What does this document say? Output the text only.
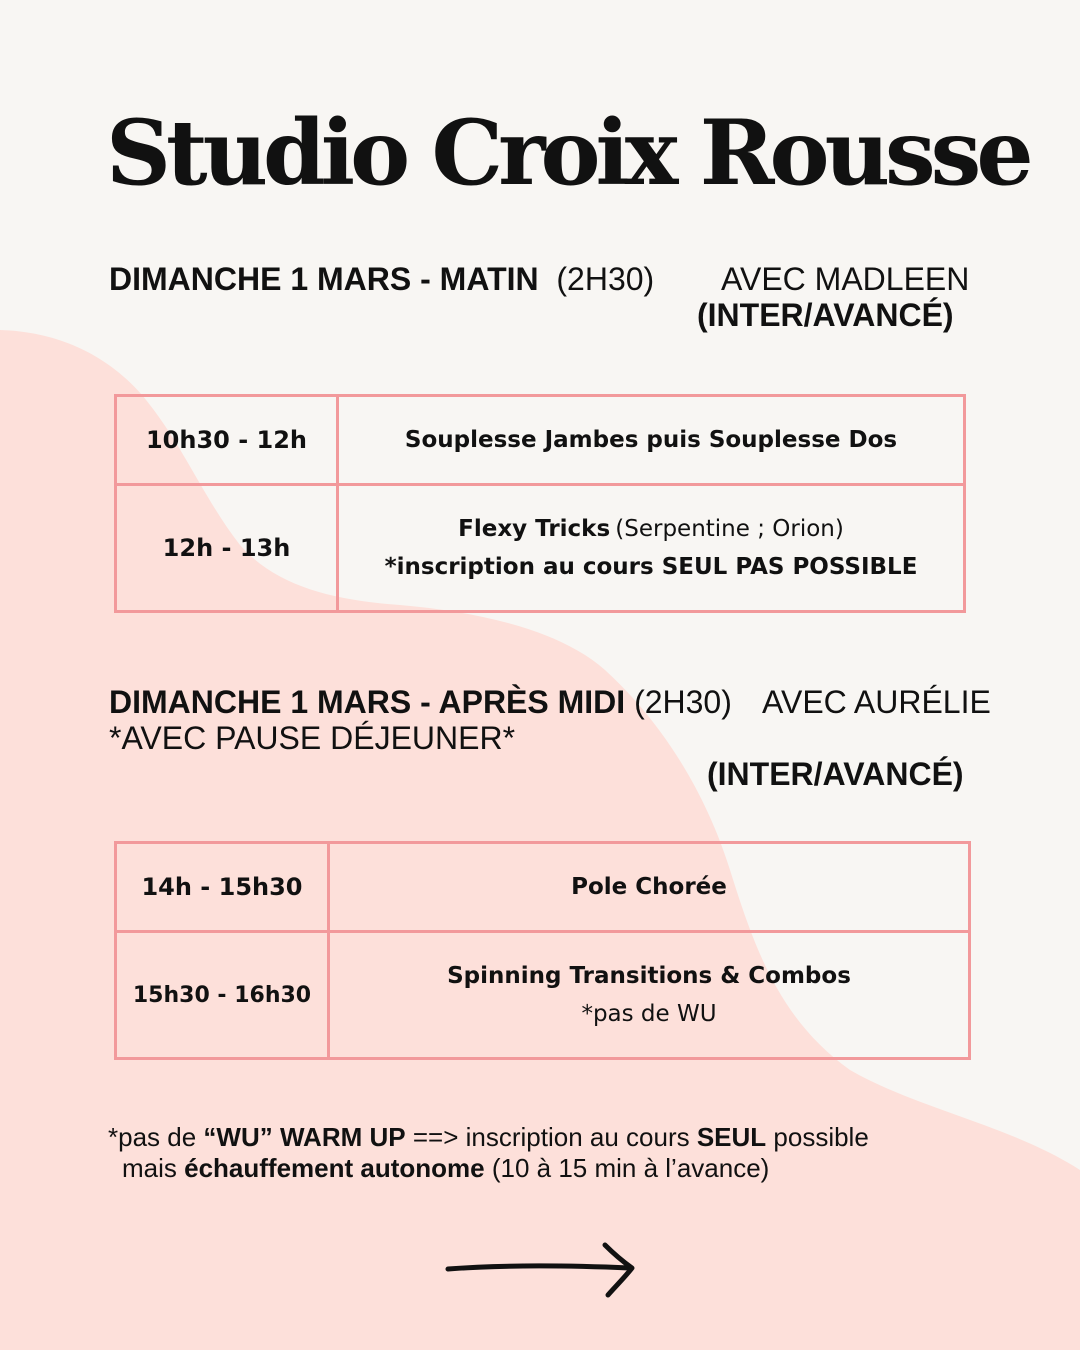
Studio Croix Rousse
DIMANCHE 1 MARS - MATIN (2H30) AVEC MADLEEN
(INTER/AVANCÉ)
10h30 - 12h	Souplesse Jambes puis Souplesse Dos
12h - 13h	Flexy Tricks (Serpentine ; Orion)
*inscription au cours SEUL PAS POSSIBLE
DIMANCHE 1 MARS - APRÈS MIDI (2H30) AVEC AURÉLIE
*AVEC PAUSE DÉJEUNER*
(INTER/AVANCÉ)
14h - 15h30	Pole Chorée
15h30 - 16h30	Spinning Transitions & Combos
*pas de WU
*pas de “WU” WARM UP ==> inscription au cours SEUL possible
mais échauffement autonome (10 à 15 min à l’avance)
